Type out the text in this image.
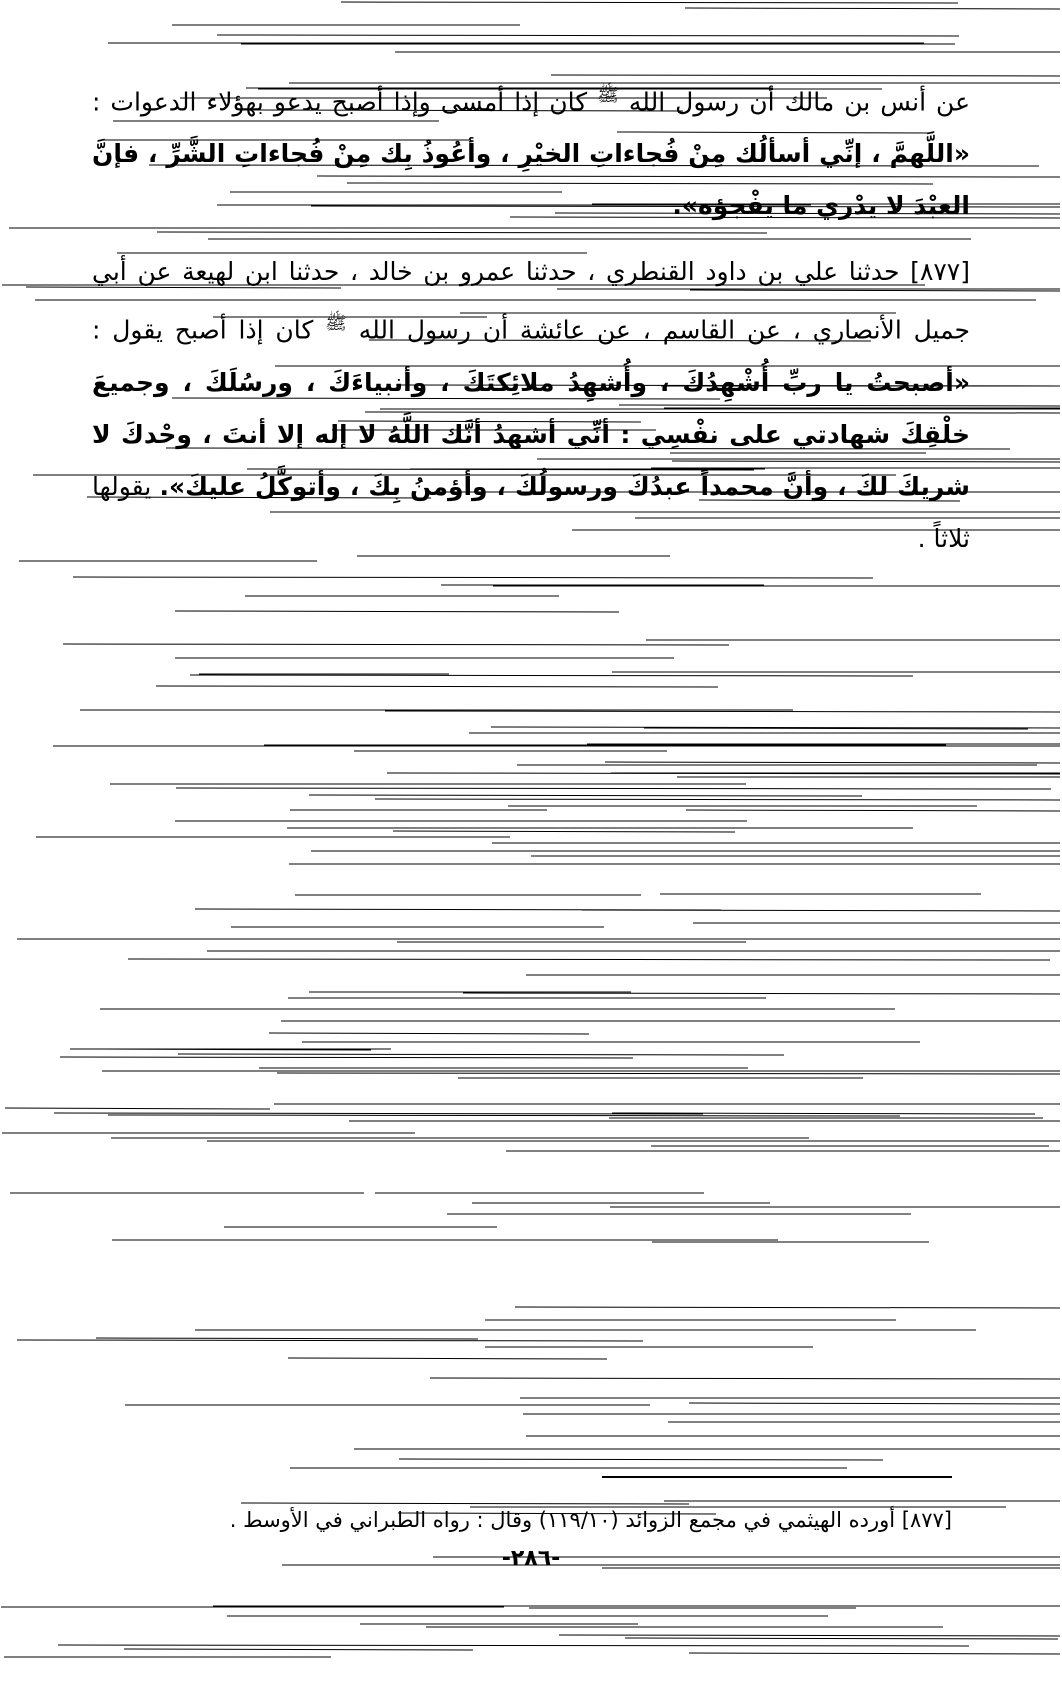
عن أنس بن مالك أن رسول الله $^ﷺ$ كان إذا أمسى وإذا أصبح يدعو بهؤلاء الدعوات : «اللَّهمَّ ، إنِّي أسألُك مِنْ فُجاءاتِ الخيْرِ ، وأعُوذُ بِك مِنْ فُجاءاتِ الشَّرِّ ، فإنَّ العبْدَ لا يدْري ما يفْجؤه».

[٨٧٧] حدثنا علي بن داود القنطري ، حدثنا عمرو بن خالد ، حدثنا ابن لهيعة عن أبي جميل الأنصاري ، عن القاسم ، عن عائشة أن رسول الله $^ﷺ$ كان إذا أصبح يقول : «أصبحتُ يا ربِّ أُشْهِدُكَ ، وأُشهِدُ ملائِكتَكَ ، وأنبياءَكَ ، ورسُلَكَ ، وجميعَ خلْقِكَ شهادتي على نفْسِي : أنِّي أشهدُ أنَّك اللَّهُ لا إله إلا أنتَ ، وحْدكَ لا شريكَ لكَ ، وأنَّ محمداً عبدُكَ ورسولُكَ ، وأؤمنُ بِكَ ، وأتوكَّلُ عليكَ». يقولها ثلاثاً .

[٨٧٧] أورده الهيثمي في مجمع الزوائد (١١٩/١٠) وقال : رواه الطبراني في الأوسط .
-٢٨٦-
